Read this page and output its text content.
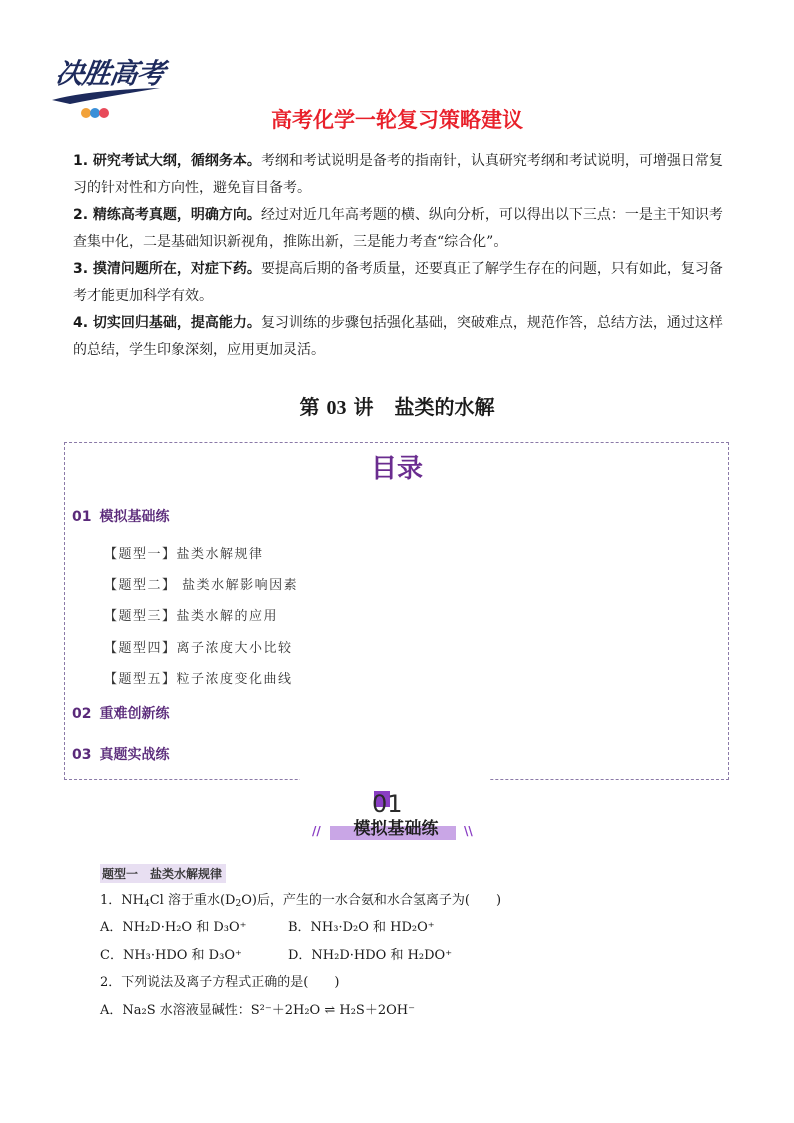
决胜高考
高考化学一轮复习策略建议
1. 研究考试大纲，循纲务本。考纲和考试说明是备考的指南针，认真研究考纲和考试说明，可增强日常复习的针对性和方向性，避免盲目备考。
2. 精练高考真题，明确方向。经过对近几年高考题的横、纵向分析，可以得出以下三点：一是主干知识考查集中化，二是基础知识新视角，推陈出新，三是能力考查“综合化”。
3. 摸清问题所在，对症下药。要提高后期的备考质量，还要真正了解学生存在的问题，只有如此，复习备考才能更加科学有效。
4. 切实回归基础，提高能力。复习训练的步骤包括强化基础，突破难点，规范作答，总结方法，通过这样的总结，学生印象深刻，应用更加灵活。
第 03 讲 盐类的水解
目录
01 模拟基础练
【题型一】盐类水解规律
【题型二】 盐类水解影响因素
【题型三】盐类水解的应用
【题型四】离子浓度大小比较
【题型五】粒子浓度变化曲线
02 重难创新练
03 真题实战练
01
//	模拟基础练	\\
题型一　盐类水解规律
1．$NH_4Cl$ 溶于重水$(D_2O)$后，产生的一水合氨和水合氢离子为(　　)
A．NH₂D·H₂O 和 D₃O⁺	B．NH₃·D₂O 和 HD₂O⁺
C．NH₃·HDO 和 D₃O⁺	D．NH₂D·HDO 和 H₂DO⁺
2．下列说法及离子方程式正确的是(　　)
A．Na₂S 水溶液显碱性：S²⁻＋2H₂O ⇌ H₂S＋2OH⁻
